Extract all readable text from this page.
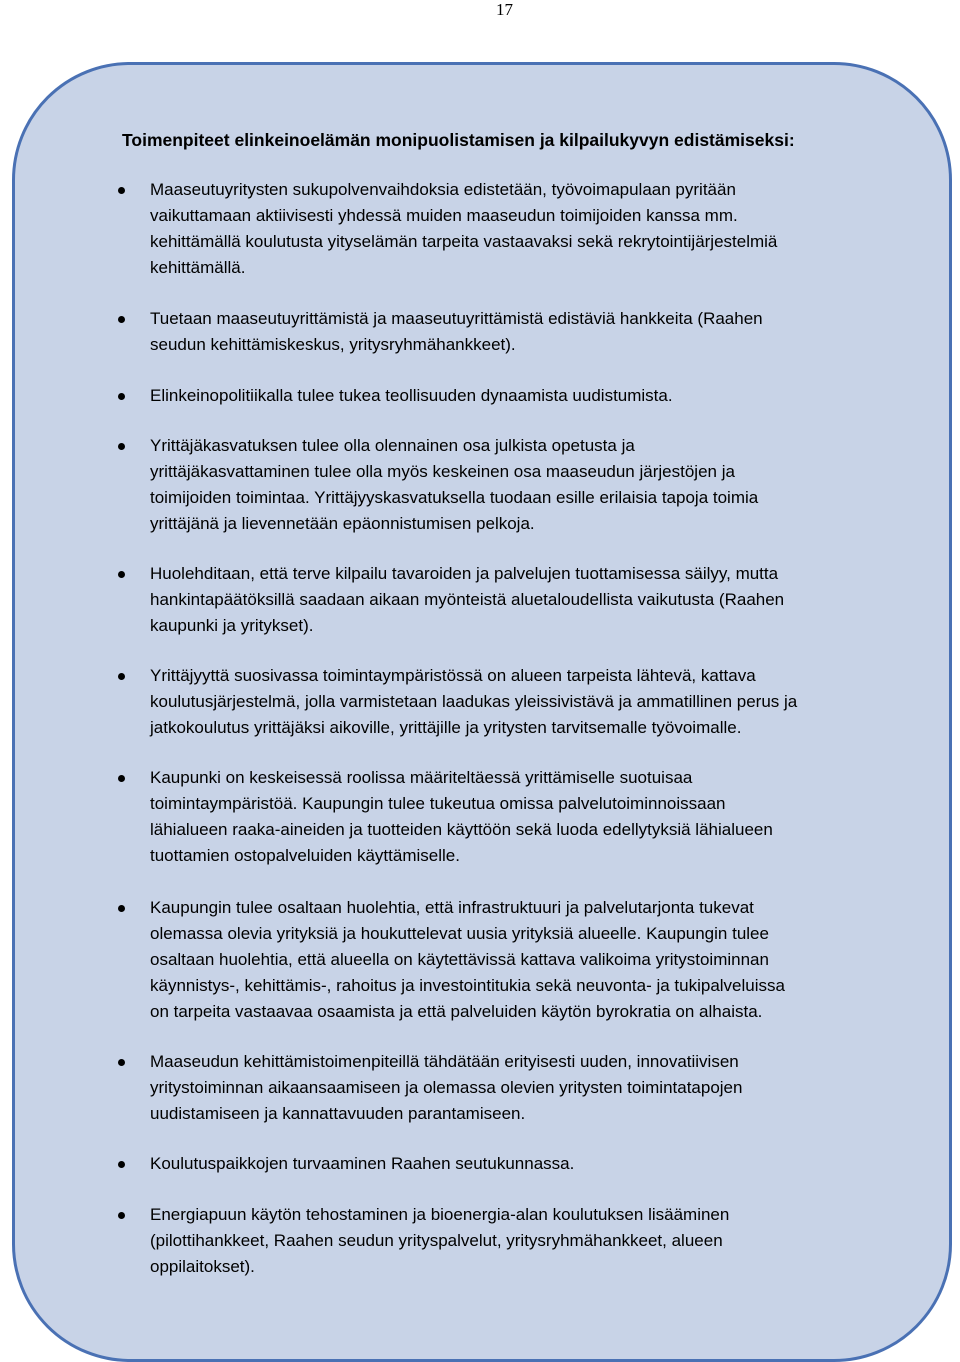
17
Toimenpiteet elinkeinoelämän monipuolistamisen ja kilpailukyvyn edistämiseksi:
Maaseutuyritysten sukupolvenvaihdoksia edistetään, työvoimapulaan pyritään
vaikuttamaan aktiivisesti yhdessä muiden maaseudun toimijoiden kanssa mm.
kehittämällä koulutusta yityselämän tarpeita vastaavaksi sekä rekrytointijärjestelmiä
kehittämällä.
Tuetaan maaseutuyrittämistä ja maaseutuyrittämistä edistäviä hankkeita (Raahen
seudun kehittämiskeskus, yritysryhmähankkeet).
Elinkeinopolitiikalla tulee tukea teollisuuden dynaamista uudistumista.
Yrittäjäkasvatuksen tulee olla olennainen osa julkista opetusta ja
yrittäjäkasvattaminen tulee olla myös keskeinen osa maaseudun järjestöjen ja
toimijoiden toimintaa. Yrittäjyyskasvatuksella tuodaan esille erilaisia tapoja toimia
yrittäjänä ja lievennetään epäonnistumisen pelkoja.
Huolehditaan, että terve kilpailu tavaroiden ja palvelujen tuottamisessa säilyy, mutta
hankintapäätöksillä saadaan aikaan myönteistä aluetaloudellista vaikutusta (Raahen
kaupunki ja yritykset).
Yrittäjyyttä suosivassa toimintaympäristössä on alueen tarpeista lähtevä, kattava
koulutusjärjestelmä, jolla varmistetaan laadukas yleissivistävä ja ammatillinen perus ja
jatkokoulutus yrittäjäksi aikoville, yrittäjille ja yritysten tarvitsemalle työvoimalle.
Kaupunki on keskeisessä roolissa määriteltäessä yrittämiselle suotuisaa
toimintaympäristöä. Kaupungin tulee tukeutua omissa palvelutoiminnoissaan
lähialueen raaka-aineiden ja tuotteiden käyttöön sekä luoda edellytyksiä lähialueen
tuottamien ostopalveluiden käyttämiselle.
Kaupungin tulee osaltaan huolehtia, että infrastruktuuri ja palvelutarjonta tukevat
olemassa olevia yrityksiä ja houkuttelevat uusia yrityksiä alueelle. Kaupungin tulee
osaltaan huolehtia, että alueella on käytettävissä kattava valikoima yritystoiminnan
käynnistys-, kehittämis-, rahoitus ja investointitukia sekä neuvonta- ja tukipalveluissa
on tarpeita vastaavaa osaamista ja että palveluiden käytön byrokratia on alhaista.
Maaseudun kehittämistoimenpiteillä tähdätään erityisesti uuden, innovatiivisen
yritystoiminnan aikaansaamiseen ja olemassa olevien yritysten toimintatapojen
uudistamiseen ja kannattavuuden parantamiseen.
Koulutuspaikkojen turvaaminen Raahen seutukunnassa.
Energiapuun käytön tehostaminen ja bioenergia-alan koulutuksen lisääminen
(pilottihankkeet, Raahen seudun yrityspalvelut, yritysryhmähankkeet, alueen
oppilaitokset).
